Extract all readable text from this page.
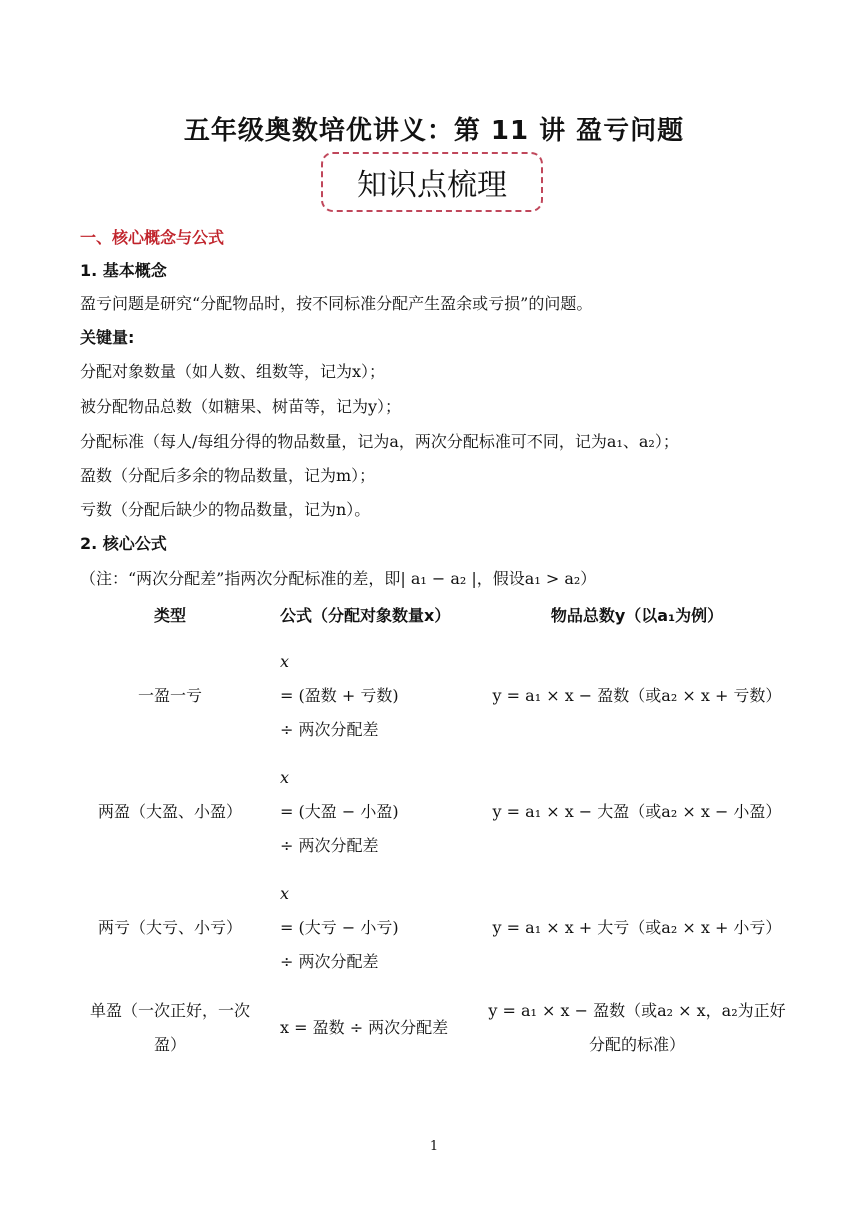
五年级奥数培优讲义：第 11 讲 盈亏问题
知识点梳理
一、核心概念与公式
1. 基本概念
盈亏问题是研究“分配物品时，按不同标准分配产生盈余或亏损”的问题。
关键量:
分配对象数量（如人数、组数等，记为x）；
被分配物品总数（如糖果、树苗等，记为y）；
分配标准（每人/每组分得的物品数量，记为a，两次分配标准可不同，记为a₁、a₂）；
盈数（分配后多余的物品数量，记为m）；
亏数（分配后缺少的物品数量，记为n）。
2. 核心公式
（注：“两次分配差”指两次分配标准的差，即| a₁ − a₂ |，假设a₁ > a₂）
类型	公式（分配对象数量x）	物品总数y（以a₁为例）
一盈一亏
x
= (盈数 + 亏数)
÷ 两次分配差
y = a₁ × x − 盈数（或a₂ × x + 亏数）
两盈（大盈、小盈）
x
= (大盈 − 小盈)
÷ 两次分配差
y = a₁ × x − 大盈（或a₂ × x − 小盈）
两亏（大亏、小亏）
x
= (大亏 − 小亏)
÷ 两次分配差
y = a₁ × x + 大亏（或a₂ × x + 小亏）
单盈（一次正好，一次
盈）
x = 盈数 ÷ 两次分配差
y = a₁ × x − 盈数（或a₂ × x，a₂为正好
分配的标准）
1
